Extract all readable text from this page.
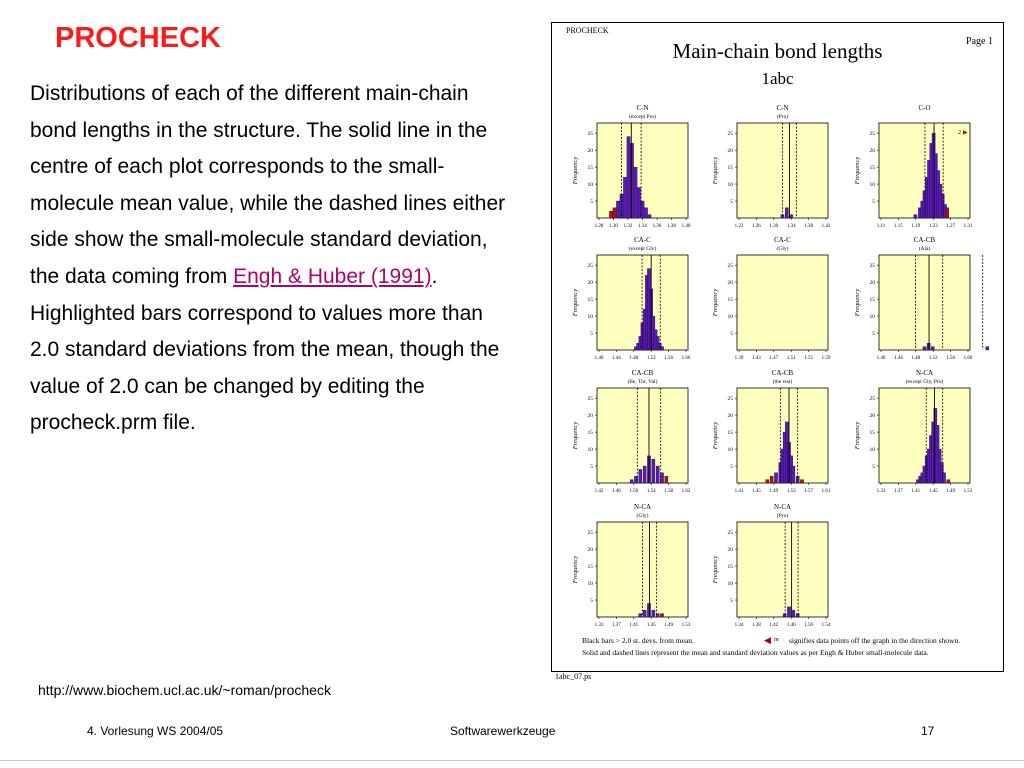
PROCHECK
Distributions of each of the different main-chain bond lengths in the structure. The solid line in the centre of each plot corresponds to the small-molecule mean value, while the dashed lines either side show the small-molecule standard deviation, the data coming from Engh & Huber (1991).
Highlighted bars correspond to values more than 2.0 standard deviations from the mean, though the value of 2.0 can be changed by editing the procheck.prm file.
PROCHECK
Page 1
Main-chain bond lengths
1abc
C-N
(except Pro)
5
10
15
20
25
Frequency
1.28 1.30 1.32 1.34 1.36 1.38 1.40
C-N
(Pro)
5
10
15
20
25
Frequency
1.22 1.26 1.30 1.34 1.38 1.42
C-O
5
10
15
20
25
Frequency
1.11 1.15 1.19 1.23 1.27 1.31
2 ▶
CA-C
(except Gly)
5
10
15
20
25
Frequency
1.40 1.44 1.48 1.52 1.56 1.60
CA-C
(Gly)
5
10
15
20
25
Frequency
1.39 1.43 1.47 1.51 1.55 1.59
CA-CB
(Ala)
5
10
15
20
25
Frequency
1.40 1.44 1.48 1.52 1.56 1.60
CA-CB
(Ile, Thr, Val)
5
10
15
20
25
Frequency
1.42 1.46 1.50 1.54 1.58 1.62
CA-CB
(the rest)
5
10
15
20
25
Frequency
1.41 1.45 1.49 1.53 1.57 1.61
N-CA
(except Gly, Pro)
5
10
15
20
25
Frequency
1.33 1.37 1.41 1.45 1.49 1.53
N-CA
(Gly)
5
10
15
20
25
Frequency
1.33 1.37 1.41 1.45 1.49 1.53
N-CA
(Pro)
5
10
15
20
25
Frequency
1.34 1.38 1.42 1.46 1.50 1.54
Black bars > 2.0 st. devs. from mean.	◀ or signifies data points off the graph in the direction shown.
Solid and dashed lines represent the mean and standard deviation values as per Engh & Huber small-molecule data.
1abc_07.ps
http://www.biochem.ucl.ac.uk/~roman/procheck
4. Vorlesung WS 2004/05	Softwarewerkzeuge	17
